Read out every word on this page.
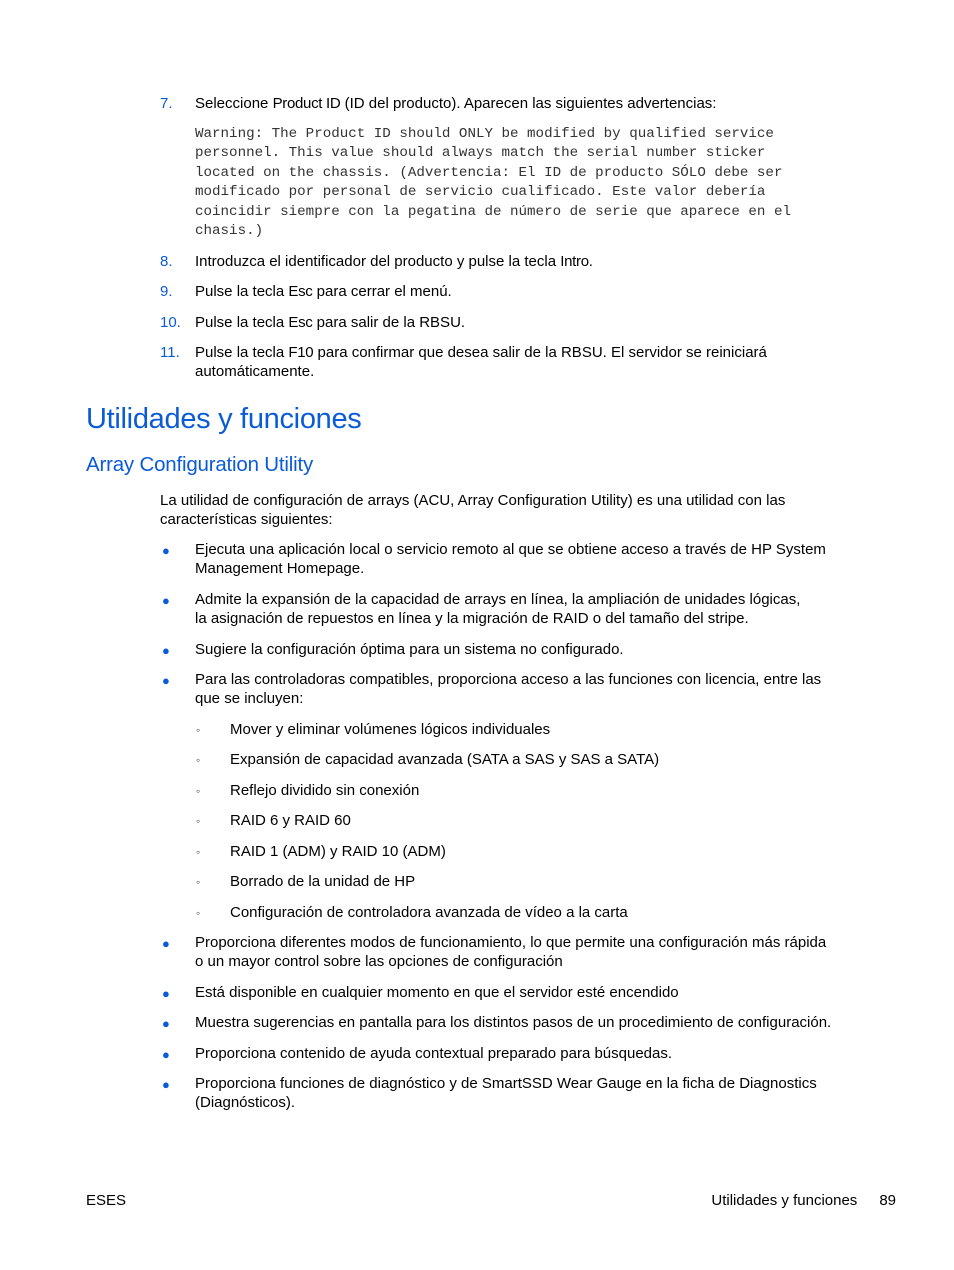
7. Seleccione Product ID (ID del producto). Aparecen las siguientes advertencias:
Warning: The Product ID should ONLY be modified by qualified service
personnel. This value should always match the serial number sticker
located on the chassis. (Advertencia: El ID de producto SÓLO debe ser
modificado por personal de servicio cualificado. Este valor debería
coincidir siempre con la pegatina de número de serie que aparece en el
chasis.)
8. Introduzca el identificador del producto y pulse la tecla Intro.
9. Pulse la tecla Esc para cerrar el menú.
10. Pulse la tecla Esc para salir de la RBSU.
11. Pulse la tecla F10 para confirmar que desea salir de la RBSU. El servidor se reiniciará
automáticamente.
Utilidades y funciones
Array Configuration Utility
La utilidad de configuración de arrays (ACU, Array Configuration Utility) es una utilidad con las
características siguientes:
● Ejecuta una aplicación local o servicio remoto al que se obtiene acceso a través de HP System
Management Homepage.
● Admite la expansión de la capacidad de arrays en línea, la ampliación de unidades lógicas,
la asignación de repuestos en línea y la migración de RAID o del tamaño del stripe.
● Sugiere la configuración óptima para un sistema no configurado.
● Para las controladoras compatibles, proporciona acceso a las funciones con licencia, entre las
que se incluyen:
◦ Mover y eliminar volúmenes lógicos individuales
◦ Expansión de capacidad avanzada (SATA a SAS y SAS a SATA)
◦ Reflejo dividido sin conexión
◦ RAID 6 y RAID 60
◦ RAID 1 (ADM) y RAID 10 (ADM)
◦ Borrado de la unidad de HP
◦ Configuración de controladora avanzada de vídeo a la carta
● Proporciona diferentes modos de funcionamiento, lo que permite una configuración más rápida
o un mayor control sobre las opciones de configuración
● Está disponible en cualquier momento en que el servidor esté encendido
● Muestra sugerencias en pantalla para los distintos pasos de un procedimiento de configuración.
● Proporciona contenido de ayuda contextual preparado para búsquedas.
● Proporciona funciones de diagnóstico y de SmartSSD Wear Gauge en la ficha de Diagnostics
(Diagnósticos).
ESES	Utilidades y funciones 89
